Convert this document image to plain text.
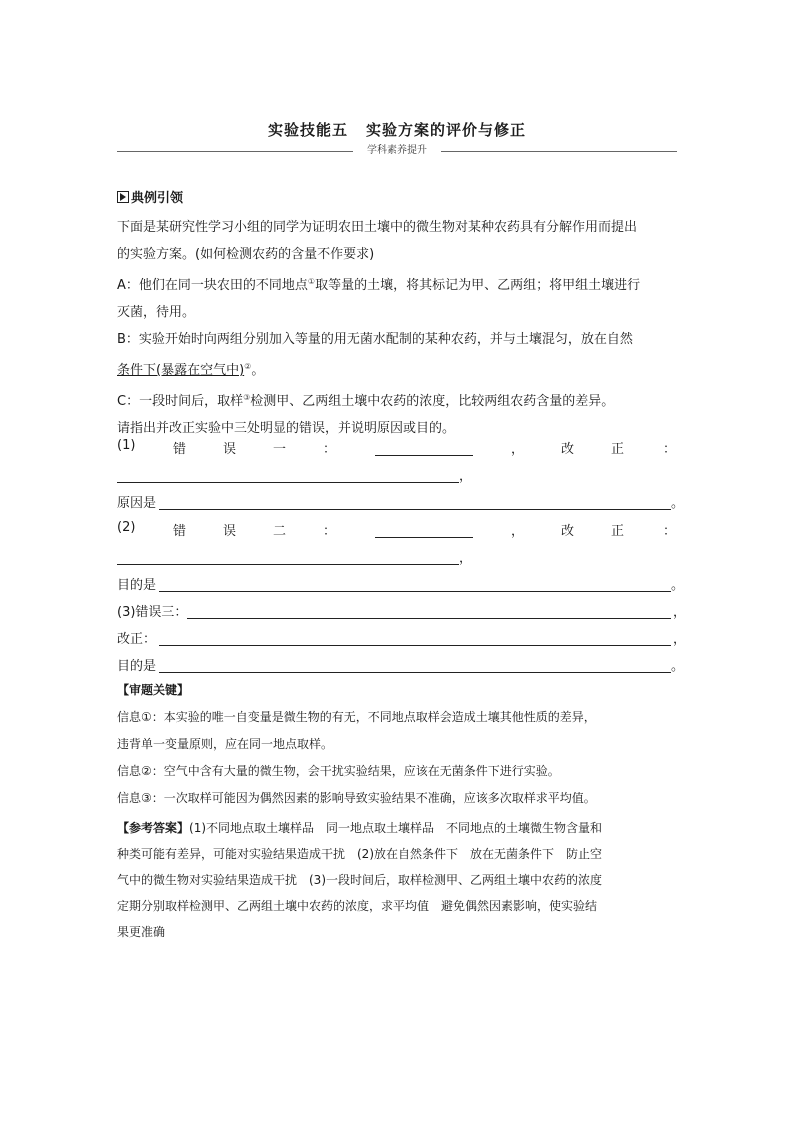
实验技能五 实验方案的评价与修正
学科素养提升
典例引领
下面是某研究性学习小组的同学为证明农田土壤中的微生物对某种农药具有分解作用而提出
的实验方案。(如何检测农药的含量不作要求)
A：他们在同一块农田的不同地点①取等量的土壤，将其标记为甲、乙两组；将甲组土壤进行
灭菌，待用。
B：实验开始时向两组分别加入等量的用无菌水配制的某种农药，并与土壤混匀，放在自然
条件下(暴露在空气中)②。
C：一段时间后，取样③检测甲、乙两组土壤中农药的浓度，比较两组农药含量的差异。
请指出并改正实验中三处明显的错误，并说明原因或目的。
(1)	错	误	一	：	，	改	正	：
，
原因是	。
(2)	错	误	二	：	，	改	正	：
，
目的是	。
(3)错误三：	，
改正：	，
目的是	。
【审题关键】
信息①：本实验的唯一自变量是微生物的有无，不同地点取样会造成土壤其他性质的差异，
违背单一变量原则，应在同一地点取样。
信息②：空气中含有大量的微生物，会干扰实验结果，应该在无菌条件下进行实验。
信息③：一次取样可能因为偶然因素的影响导致实验结果不准确，应该多次取样求平均值。
【参考答案】(1)不同地点取土壤样品　同一地点取土壤样品　不同地点的土壤微生物含量和
种类可能有差异，可能对实验结果造成干扰　(2)放在自然条件下　放在无菌条件下　防止空
气中的微生物对实验结果造成干扰　(3)一段时间后，取样检测甲、乙两组土壤中农药的浓度
定期分别取样检测甲、乙两组土壤中农药的浓度，求平均值　避免偶然因素影响，使实验结
果更准确
